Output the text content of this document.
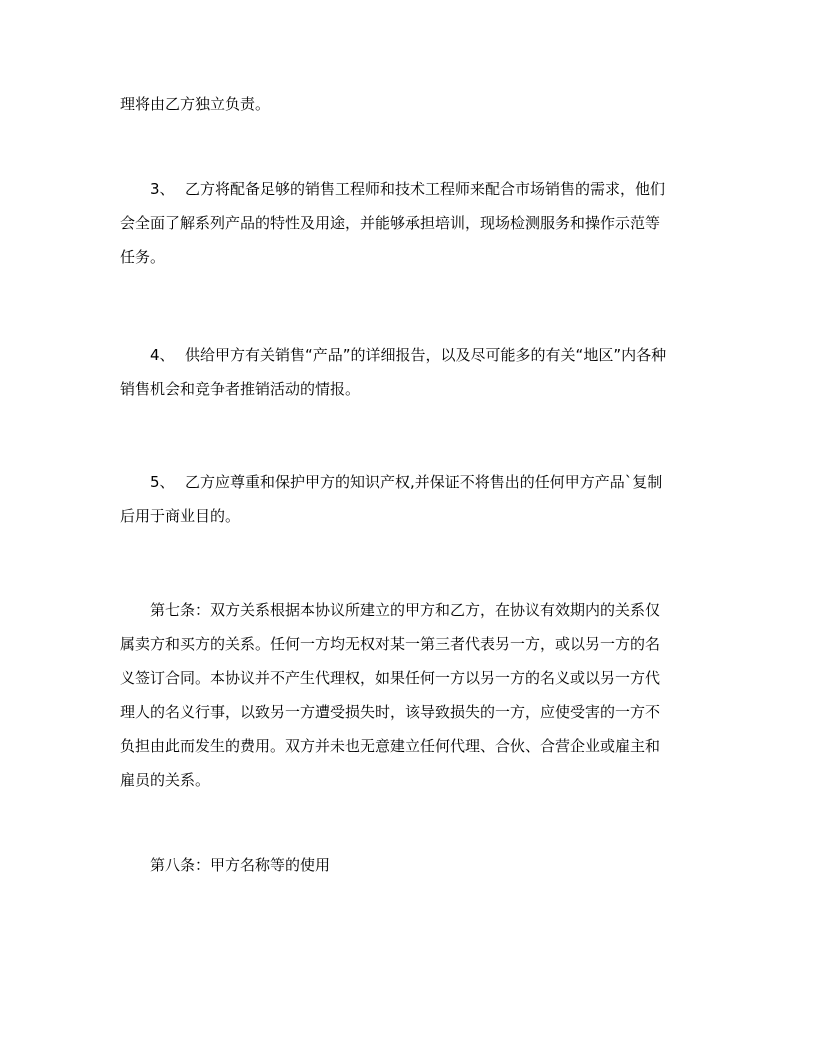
理将由乙方独立负责。

3、 乙方将配备足够的销售工程师和技术工程师来配合市场销售的需求，他们
会全面了解系列产品的特性及用途，并能够承担培训，现场检测服务和操作示范等
任务。

4、 供给甲方有关销售“产品”的详细报告，以及尽可能多的有关“地区”内各种
销售机会和竞争者推销活动的情报。

5、 乙方应尊重和保护甲方的知识产权,并保证不将售出的任何甲方产品`复制
后用于商业目的。

第七条：双方关系根据本协议所建立的甲方和乙方，在协议有效期内的关系仅
属卖方和买方的关系。任何一方均无权对某一第三者代表另一方，或以另一方的名
义签订合同。本协议并不产生代理权，如果任何一方以另一方的名义或以另一方代
理人的名义行事，以致另一方遭受损失时，该导致损失的一方，应使受害的一方不
负担由此而发生的费用。双方并未也无意建立任何代理、合伙、合营企业或雇主和
雇员的关系。

第八条：甲方名称等的使用
